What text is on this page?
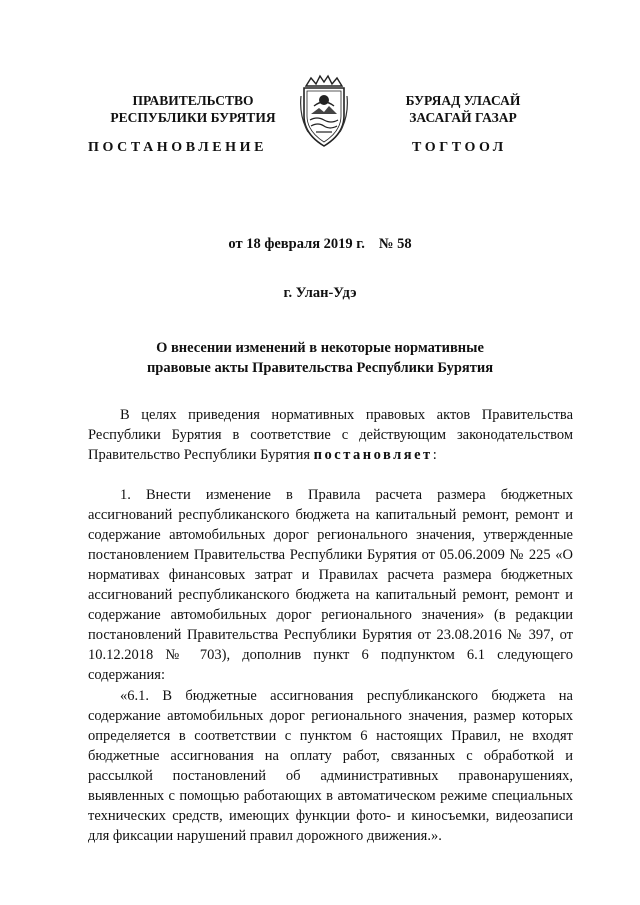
ПРАВИТЕЛЬСТВО
РЕСПУБЛИКИ БУРЯТИЯ
БУРЯАД УЛАСАЙ
ЗАСАГАЙ ГАЗАР
ПОСТАНОВЛЕНИЕ	ТОГТООЛ
от 18 февраля 2019 г. № 58
г. Улан-Удэ
О внесении изменений в некоторые нормативные
правовые акты Правительства Республики Бурятия

В целях приведения нормативных правовых актов Правительства Республики Бурятия в соответствие с действующим законодательством Правительство Республики Бурятия постановляет:

1. Внести изменение в Правила расчета размера бюджетных ассигнований республиканского бюджета на капитальный ремонт, ремонт и содержание автомобильных дорог регионального значения, утвержденные постановлением Правительства Республики Бурятия от 05.06.2009 № 225 «О нормативах финансовых затрат и Правилах расчета размера бюджетных ассигнований республиканского бюджета на капитальный ремонт, ремонт и содержание автомобильных дорог регионального значения» (в редакции постановлений Правительства Республики Бурятия от 23.08.2016 № 397, от 10.12.2018 № 703), дополнив пункт 6 подпунктом 6.1 следующего содержания:

«6.1. В бюджетные ассигнования республиканского бюджета на содержание автомобильных дорог регионального значения, размер которых определяется в соответствии с пунктом 6 настоящих Правил, не входят бюджетные ассигнования на оплату работ, связанных с обработкой и рассылкой постановлений об административных правонарушениях, выявленных с помощью работающих в автоматическом режиме специальных технических средств, имеющих функции фото- и киносъемки, видеозаписи для фиксации нарушений правил дорожного движения.».
